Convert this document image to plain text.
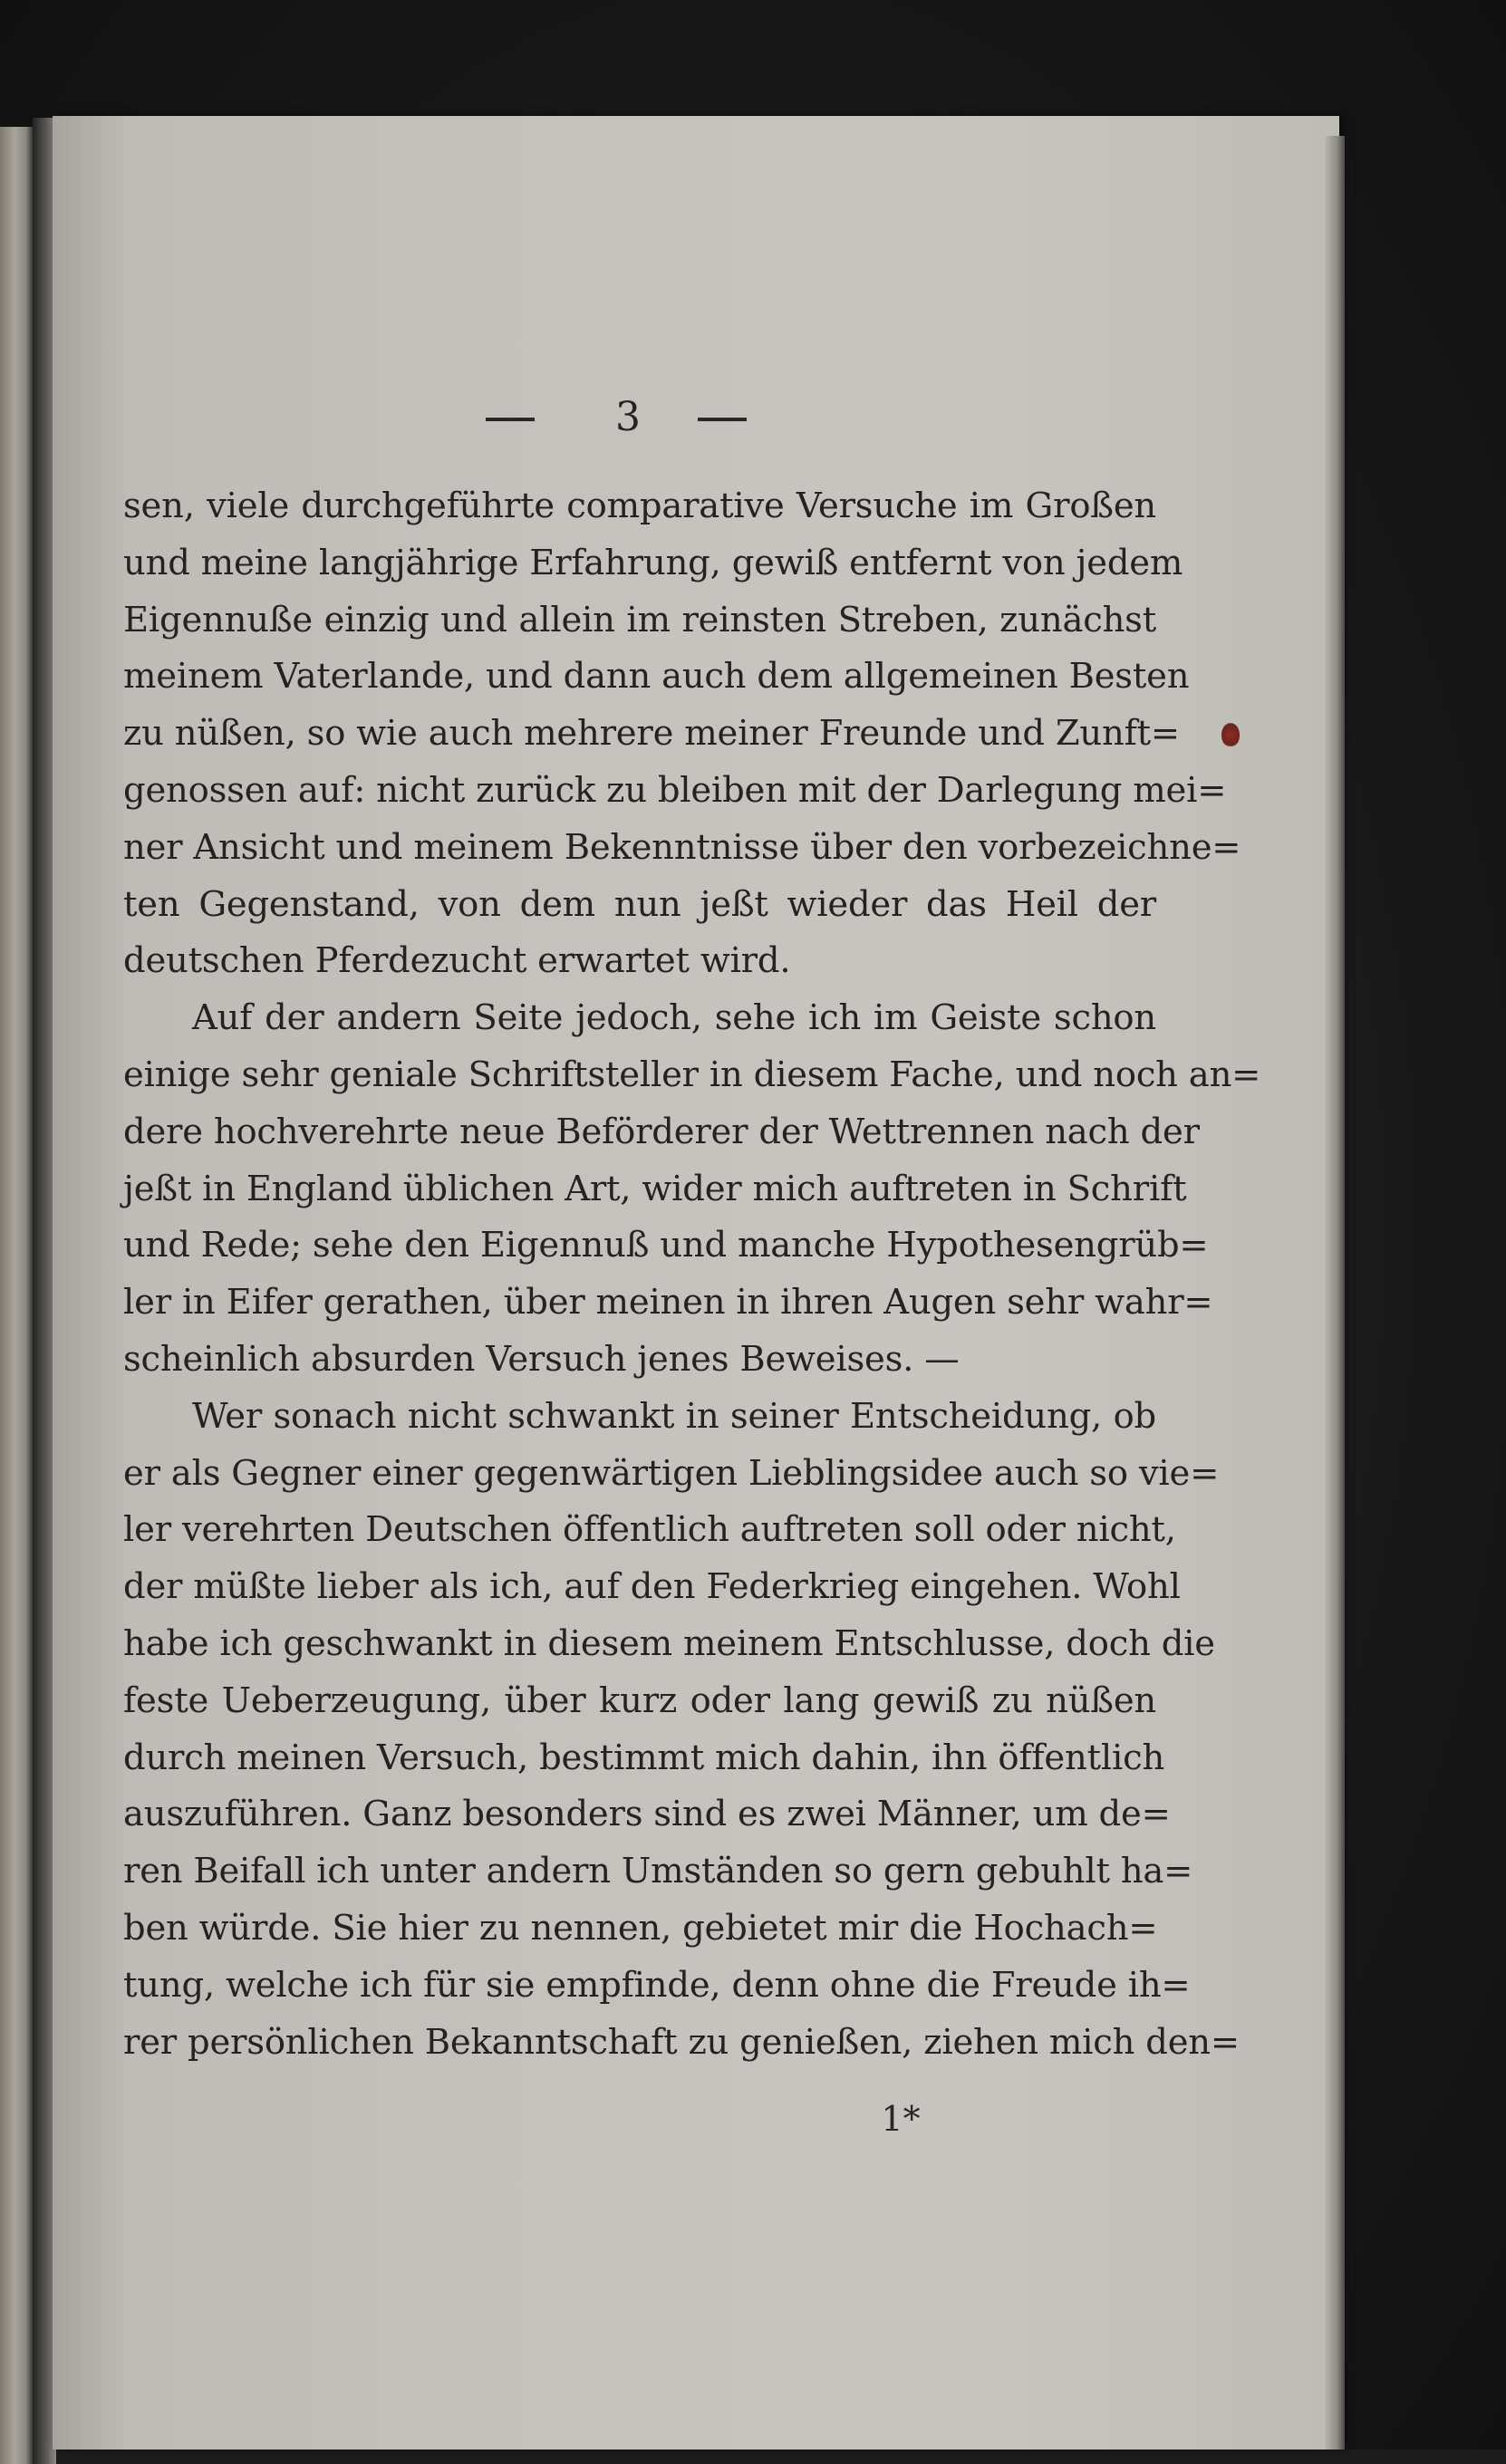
3
sen, viele durchgeführte comparative Versuche im Großen
und meine langjährige Erfahrung, gewiß entfernt von jedem
Eigennuße einzig und allein im reinsten Streben, zunächst
meinem Vaterlande, und dann auch dem allgemeinen Besten
zu nüßen, so wie auch mehrere meiner Freunde und Zunft=
genossen auf: nicht zurück zu bleiben mit der Darlegung mei=
ner Ansicht und meinem Bekenntnisse über den vorbezeichne=
ten Gegenstand, von dem nun jeßt wieder das Heil der
deutschen Pferdezucht erwartet wird.
Auf der andern Seite jedoch, sehe ich im Geiste schon
einige sehr geniale Schriftsteller in diesem Fache, und noch an=
dere hochverehrte neue Beförderer der Wettrennen nach der
jeßt in England üblichen Art, wider mich auftreten in Schrift
und Rede; sehe den Eigennuß und manche Hypothesengrüb=
ler in Eifer gerathen, über meinen in ihren Augen sehr wahr=
scheinlich absurden Versuch jenes Beweises. —
Wer sonach nicht schwankt in seiner Entscheidung, ob
er als Gegner einer gegenwärtigen Lieblingsidee auch so vie=
ler verehrten Deutschen öffentlich auftreten soll oder nicht,
der müßte lieber als ich, auf den Federkrieg eingehen. Wohl
habe ich geschwankt in diesem meinem Entschlusse, doch die
feste Ueberzeugung, über kurz oder lang gewiß zu nüßen
durch meinen Versuch, bestimmt mich dahin, ihn öffentlich
auszuführen. Ganz besonders sind es zwei Männer, um de=
ren Beifall ich unter andern Umständen so gern gebuhlt ha=
ben würde. Sie hier zu nennen, gebietet mir die Hochach=
tung, welche ich für sie empfinde, denn ohne die Freude ih=
rer persönlichen Bekanntschaft zu genießen, ziehen mich den=
1*
